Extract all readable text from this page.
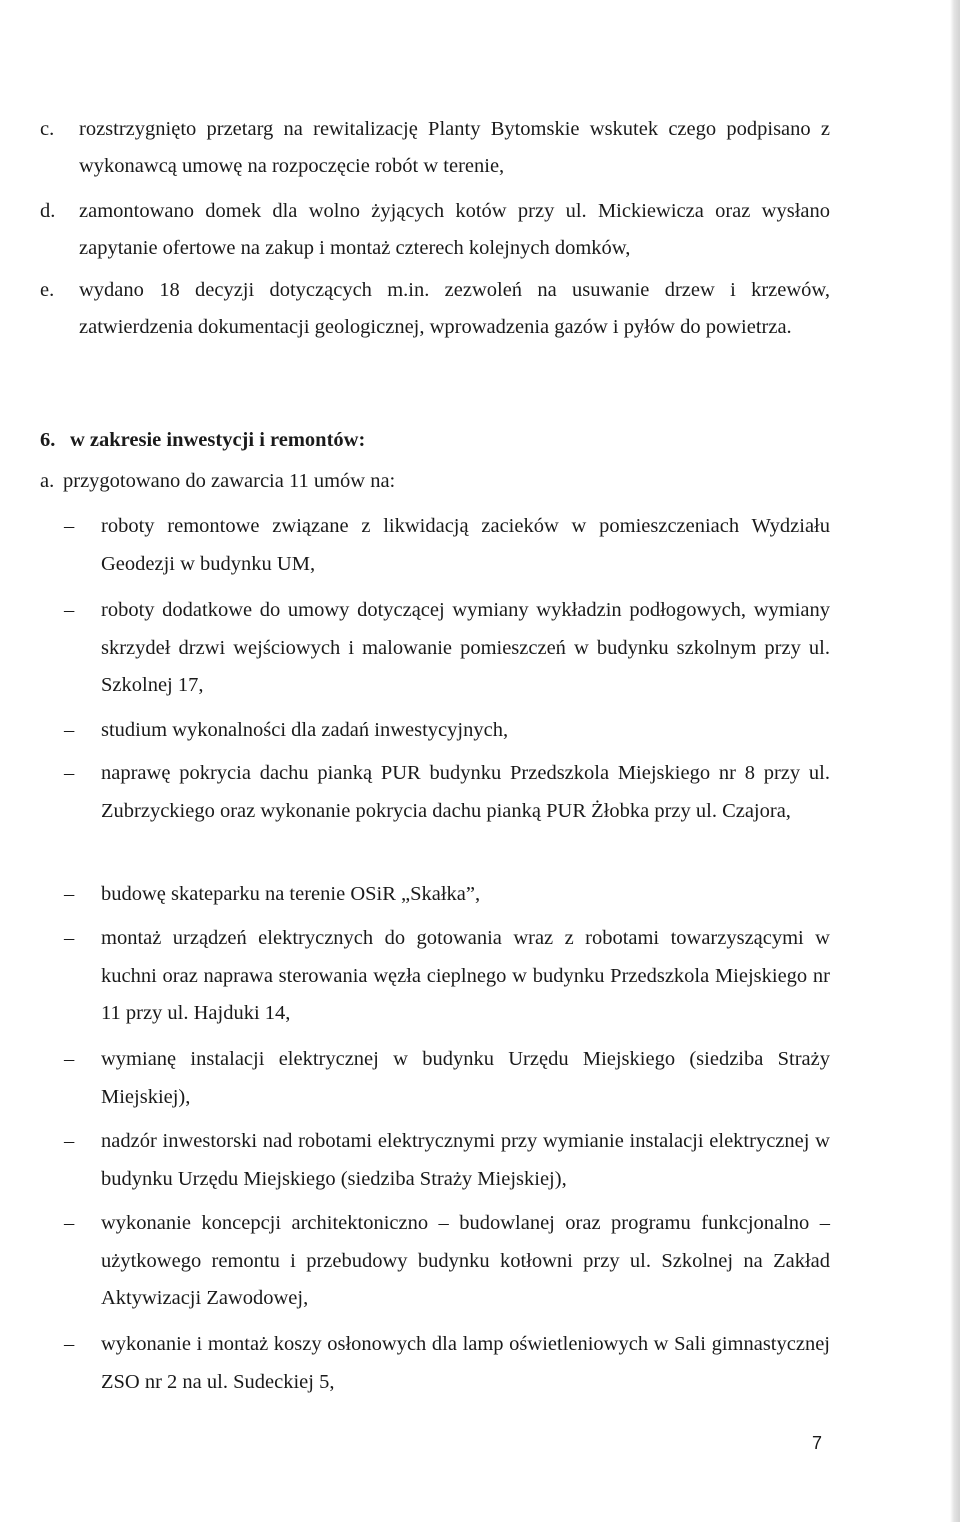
c. rozstrzygnięto przetarg na rewitalizację Planty Bytomskie wskutek czego podpisano z wykonawcą umowę na rozpoczęcie robót w terenie,
d. zamontowano domek dla wolno żyjących kotów przy ul. Mickiewicza oraz wysłano zapytanie ofertowe na zakup i montaż czterech kolejnych domków,
e. wydano 18 decyzji dotyczących m.in. zezwoleń na usuwanie drzew i krzewów, zatwierdzenia dokumentacji geologicznej, wprowadzenia gazów i pyłów do powietrza.
6. w zakresie inwestycji i remontów:
a. przygotowano do zawarcia 11 umów na:
– roboty remontowe związane z likwidacją zacieków w pomieszczeniach Wydziału Geodezji w budynku UM,
– roboty dodatkowe do umowy dotyczącej wymiany wykładzin podłogowych, wymiany skrzydeł drzwi wejściowych i malowanie pomieszczeń w budynku szkolnym przy ul. Szkolnej 17,
– studium wykonalności dla zadań inwestycyjnych,
– naprawę pokrycia dachu pianką PUR budynku Przedszkola Miejskiego nr 8 przy ul. Zubrzyckiego oraz wykonanie pokrycia dachu pianką PUR Żłobka przy ul. Czajora,
– budowę skateparku na terenie OSiR „Skałka”,
– montaż urządzeń elektrycznych do gotowania wraz z robotami towarzyszącymi w kuchni oraz naprawa sterowania węzła cieplnego w budynku Przedszkola Miejskiego nr 11 przy ul. Hajduki 14,
– wymianę instalacji elektrycznej w budynku Urzędu Miejskiego (siedziba Straży Miejskiej),
– nadzór inwestorski nad robotami elektrycznymi przy wymianie instalacji elektrycznej w budynku Urzędu Miejskiego (siedziba Straży Miejskiej),
– wykonanie koncepcji architektoniczno – budowlanej oraz programu funkcjonalno – użytkowego remontu i przebudowy budynku kotłowni przy ul. Szkolnej na Zakład Aktywizacji Zawodowej,
– wykonanie i montaż koszy osłonowych dla lamp oświetleniowych w Sali gimnastycznej ZSO nr 2 na ul. Sudeckiej 5,
7
